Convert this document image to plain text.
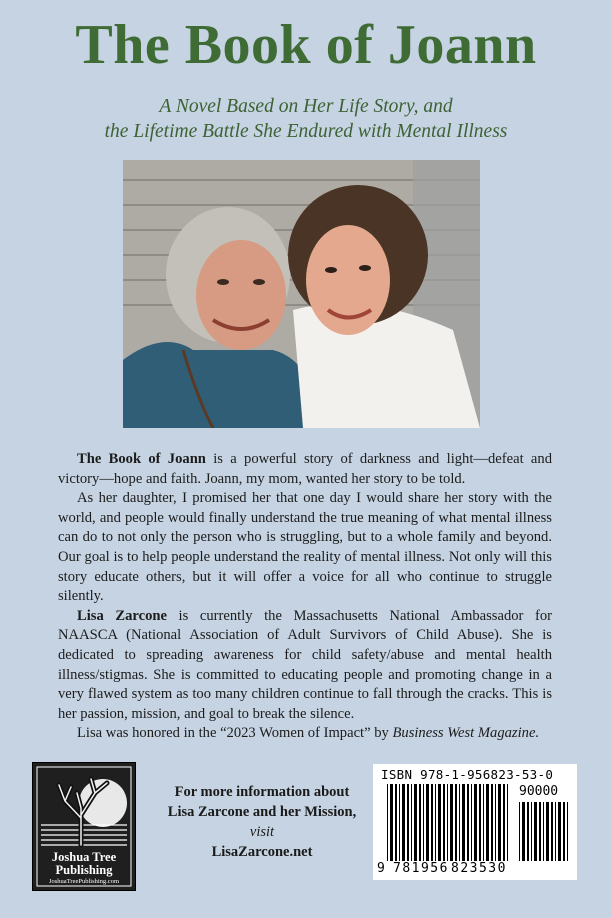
The Book of Joann
A Novel Based on Her Life Story, and
the Lifetime Battle She Endured with Mental Illness

The Book of Joann is a powerful story of darkness and light—defeat and victory—hope and faith. Joann, my mom, wanted her story to be told.

As her daughter, I promised her that one day I would share her story with the world, and people would finally understand the true meaning of what mental illness can do to not only the person who is struggling, but to a whole family and beyond. Our goal is to help people understand the reality of mental illness. Not only will this story educate others, but it will offer a voice for all who continue to struggle silently.

Lisa Zarcone is currently the Massachusetts National Ambassador for NAASCA (National Association of Adult Survivors of Child Abuse). She is dedicated to spreading awareness for child safety/abuse and mental health illness/stigmas. She is committed to educating people and promoting change in a very flawed system as too many children continue to fall through the cracks. This is her passion, mission, and goal to break the silence.

Lisa was honored in the “2023 Women of Impact” by Business West Magazine.

Joshua Tree
Publishing
JoshuaTreePublishing.com
For more information about
Lisa Zarcone and her Mission,
visit
LisaZarcone.net
ISBN 978-1-956823-53-0
90000
9 781956 823530
